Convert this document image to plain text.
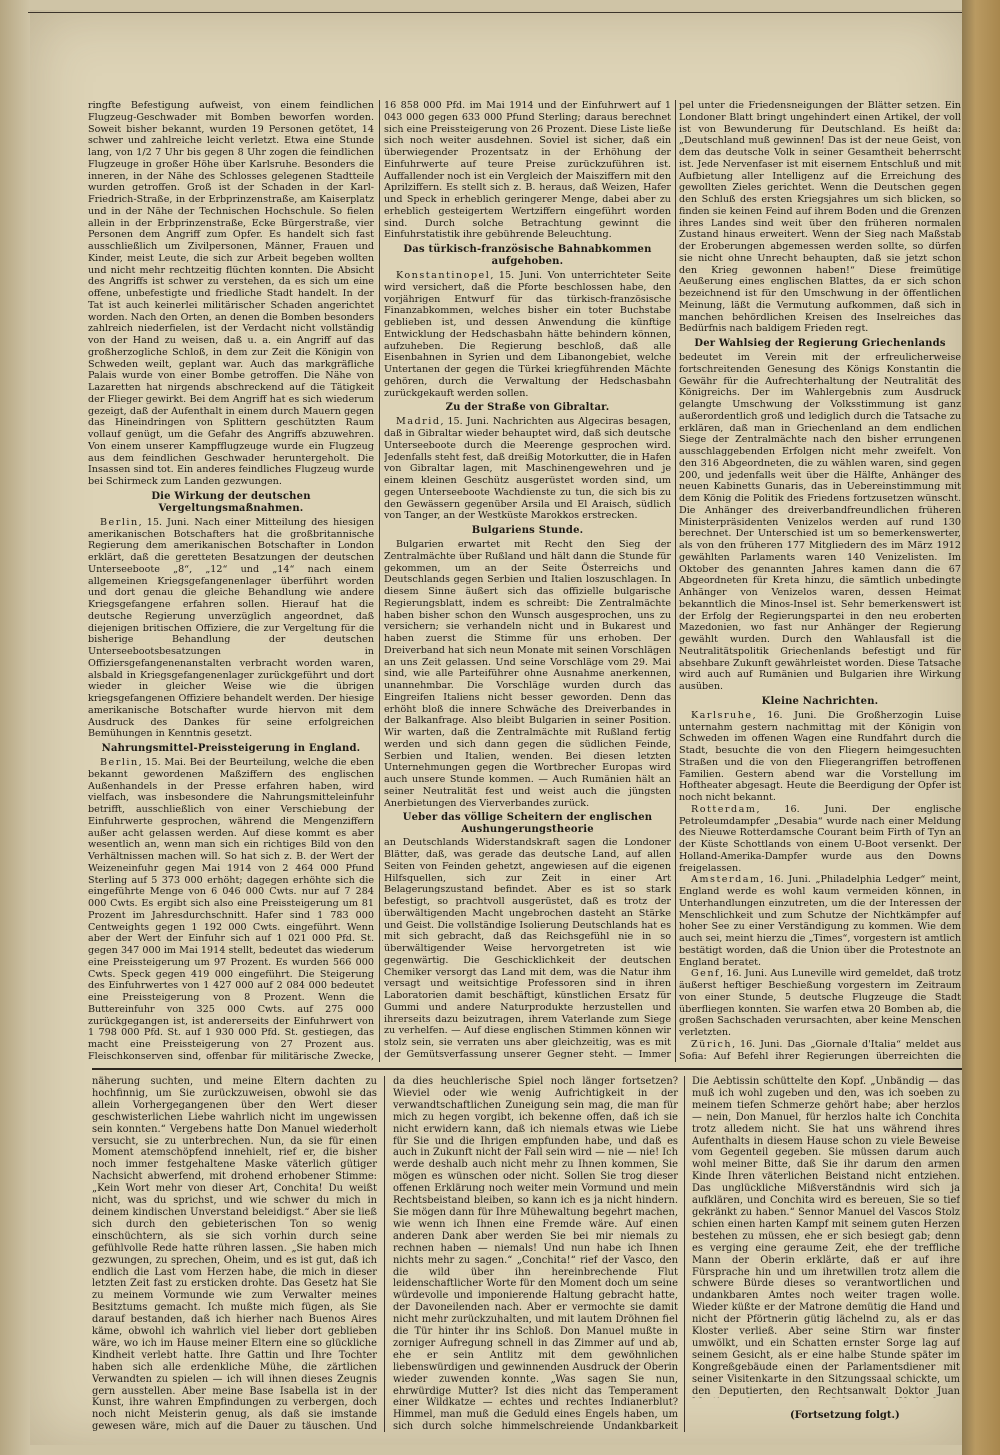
ringfte Befestigung aufweist, von einem feindlichen Flugzeug-Geschwader mit Bomben beworfen worden. Soweit bisher bekannt, wurden 19 Personen getötet, 14 schwer und zahlreiche leicht verletzt. Etwa eine Stunde lang, von 1/2 7 Uhr bis gegen 8 Uhr zogen die feindlichen Flugzeuge in großer Höhe über Karlsruhe. Besonders die inneren, in der Nähe des Schlosses gelegenen Stadtteile wurden getroffen. Groß ist der Schaden in der Karl-Friedrich-Straße, in der Erbprinzenstraße, am Kaiserplatz und in der Nähe der Technischen Hochschule. So fielen allein in der Erbprinzenstraße, Ecke Bürgerstraße, vier Personen dem Angriff zum Opfer. Es handelt sich fast ausschließlich um Zivilpersonen, Männer, Frauen und Kinder, meist Leute, die sich zur Arbeit begeben wollten und nicht mehr rechtzeitig flüchten konnten. Die Absicht des Angriffs ist schwer zu verstehen, da es sich um eine offene, unbefestigte und friedliche Stadt handelt. In der Tat ist auch keinerlei militärischer Schaden angerichtet worden. Nach den Orten, an denen die Bomben besonders zahlreich niederfielen, ist der Verdacht nicht vollständig von der Hand zu weisen, daß u. a. ein Angriff auf das großherzogliche Schloß, in dem zur Zeit die Königin von Schweden weilt, geplant war. Auch das markgräfliche Palais wurde von einer Bombe getroffen. Die Nähe von Lazaretten hat nirgends abschreckend auf die Tätigkeit der Flieger gewirkt. Bei dem Angriff hat es sich wiederum gezeigt, daß der Aufenthalt in einem durch Mauern gegen das Hineindringen von Splittern geschützten Raum vollauf genügt, um die Gefahr des Angriffs abzuwehren. Von einem unserer Kampfflugzeuge wurde ein Flugzeug aus dem feindlichen Geschwader heruntergeholt. Die Insassen sind tot. Ein anderes feindliches Flugzeug wurde bei Schirmeck zum Landen gezwungen.

Die Wirkung der deutschen Vergeltungsmaßnahmen.

Berlin, 15. Juni. Nach einer Mitteilung des hiesigen amerikanischen Botschafters hat die großbritannische Regierung dem amerikanischen Botschafter in London erklärt, daß die geretteten Besatzungen der deutschen Unterseeboote „8“, „12“ und „14“ nach einem allgemeinen Kriegsgefangenenlager überführt worden und dort genau die gleiche Behandlung wie andere Kriegsgefangene erfahren sollen. Hierauf hat die deutsche Regierung unverzüglich angeordnet, daß diejenigen britischen Offiziere, die zur Vergeltung für die bisherige Behandlung der deutschen Unterseebootsbesatzungen in Offiziersgefangenenanstalten verbracht worden waren, alsbald in Kriegsgefangenenlager zurückgeführt und dort wieder in gleicher Weise wie die übrigen kriegsgefangenen Offiziere behandelt werden. Der hiesige amerikanische Botschafter wurde hiervon mit dem Ausdruck des Dankes für seine erfolgreichen Bemühungen in Kenntnis gesetzt.

Nahrungsmittel-Preissteigerung in England.

Berlin, 15. Mai. Bei der Beurteilung, welche die eben bekannt gewordenen Maßziffern des englischen Außenhandels in der Presse erfahren haben, wird vielfach, was insbesondere die Nahrungsmitteleinfuhr betrifft, ausschließlich von einer Verschiebung der Einfuhrwerte gesprochen, während die Mengenziffern außer acht gelassen werden. Auf diese kommt es aber wesentlich an, wenn man sich ein richtiges Bild von den Verhältnissen machen will. So hat sich z. B. der Wert der Weizeneinfuhr gegen Mai 1914 von 2 464 000 Pfund Sterling auf 5 373 000 erhöht; dagegen erhöhte sich die eingeführte Menge von 6 046 000 Cwts. nur auf 7 284 000 Cwts. Es ergibt sich also eine Preissteigerung um 81 Prozent im Jahresdurchschnitt. Hafer sind 1 783 000 Centweights gegen 1 192 000 Cwts. eingeführt. Wenn aber der Wert der Einfuhr sich auf 1 021 000 Pfd. St. gegen 347 000 im Mai 1914 stellt, bedeutet das wiederum eine Preissteigerung um 97 Prozent. Es wurden 566 000 Cwts. Speck gegen 419 000 eingeführt. Die Steigerung des Einfuhrwertes von 1 427 000 auf 2 084 000 bedeutet eine Preissteigerung von 8 Prozent. Wenn die Buttereinfuhr von 325 000 Cwts. auf 275 000 zurückgegangen ist, ist andererseits der Einfuhrwert von 1 798 000 Pfd. St. auf 1 930 000 Pfd. St. gestiegen, das macht eine Preissteigerung von 27 Prozent aus. Fleischkonserven sind, offenbar für militärische Zwecke,

16 858 000 Pfd. im Mai 1914 und der Einfuhrwert auf 1 043 000 gegen 633 000 Pfund Sterling; daraus berechnet sich eine Preissteigerung von 26 Prozent. Diese Liste ließe sich noch weiter ausdehnen. Soviel ist sicher, daß ein überwiegender Prozentsatz in der Erhöhung der Einfuhrwerte auf teure Preise zurückzuführen ist. Auffallender noch ist ein Vergleich der Maisziffern mit den Aprilziffern. Es stellt sich z. B. heraus, daß Weizen, Hafer und Speck in erheblich geringerer Menge, dabei aber zu erheblich gesteigertem Wertziffern eingeführt worden sind. Durch solche Betrachtung gewinnt die Einfuhrstatistik ihre gebührende Beleuchtung.

Das türkisch-französische Bahnabkommen aufgehoben.

Konstantinopel, 15. Juni. Von unterrichteter Seite wird versichert, daß die Pforte beschlossen habe, den vorjährigen Entwurf für das türkisch-französische Finanzabkommen, welches bisher ein toter Buchstabe geblieben ist, und dessen Anwendung die künftige Entwicklung der Hedschasbahn hätte behindern können, aufzuheben. Die Regierung beschloß, daß alle Eisenbahnen in Syrien und dem Libanongebiet, welche Untertanen der gegen die Türkei kriegführenden Mächte gehören, durch die Verwaltung der Hedschasbahn zurückgekauft werden sollen.

Zu der Straße von Gibraltar.

Madrid, 15. Juni. Nachrichten aus Algeciras besagen, daß in Gibraltar wieder behauptet wird, daß sich deutsche Unterseeboote durch die Meerenge gesprochen wird. Jedenfalls steht fest, daß dreißig Motorkutter, die in Hafen von Gibraltar lagen, mit Maschinengewehren und je einem kleinen Geschütz ausgerüstet worden sind, um gegen Unterseeboote Wachdienste zu tun, die sich bis zu den Gewässern gegenüber Arsila und El Araisch, südlich von Tanger, an der Westküste Marokkos erstrecken.

Bulgariens Stunde.

Bulgarien erwartet mit Recht den Sieg der Zentralmächte über Rußland und hält dann die Stunde für gekommen, um an der Seite Österreichs und Deutschlands gegen Serbien und Italien loszuschlagen. In diesem Sinne äußert sich das offizielle bulgarische Regierungsblatt, indem es schreibt: Die Zentralmächte haben bisher schon den Wunsch ausgesprochen, uns zu versichern; sie verhandeln nicht und in Bukarest und haben zuerst die Stimme für uns erhoben. Der Dreiverband hat sich neun Monate mit seinen Vorschlägen an uns Zeit gelassen. Und seine Vorschläge vom 29. Mai sind, wie alle Parteiführer ohne Ausnahme anerkennen, unannehmbar. Die Vorschläge wurden durch das Eingreifen Italiens nicht besser geworden. Denn das erhöht bloß die innere Schwäche des Dreiverbandes in der Balkanfrage. Also bleibt Bulgarien in seiner Position. Wir warten, daß die Zentralmächte mit Rußland fertig werden und sich dann gegen die südlichen Feinde, Serbien und Italien, wenden. Bei diesen letzten Unternehmungen gegen die Wortbrecher Europas wird auch unsere Stunde kommen. — Auch Rumänien hält an seiner Neutralität fest und weist auch die jüngsten Anerbietungen des Vierverbandes zurück.

Ueber das völlige Scheitern der englischen Aushungerungstheorie

an Deutschlands Widerstandskraft sagen die Londoner Blätter, daß, was gerade das deutsche Land, auf allen Seiten von Feinden gehetzt, angewiesen auf die eigenen Hilfsquellen, sich zur Zeit in einer Art Belagerungszustand befindet. Aber es ist so stark befestigt, so prachtvoll ausgerüstet, daß es trotz der überwältigenden Macht ungebrochen dasteht an Stärke und Geist. Die vollständige Isolierung Deutschlands hat es mit sich gebracht, daß das Reichsgefühl nie in so überwältigender Weise hervorgetreten ist wie gegenwärtig. Die Geschicklichkeit der deutschen Chemiker versorgt das Land mit dem, was die Natur ihm versagt und weitsichtige Professoren sind in ihren Laboratorien damit beschäftigt, künstlichen Ersatz für Gummi und andere Naturprodukte herzustellen und ihrerseits dazu beizutragen, ihrem Vaterlande zum Siege zu verhelfen. — Auf diese englischen Stimmen können wir stolz sein, sie verraten uns aber gleichzeitig, was es mit der Gemütsverfassung unserer Gegner steht. — Immer

pel unter die Friedensneigungen der Blätter setzen. Ein Londoner Blatt bringt ungehindert einen Artikel, der voll ist von Bewunderung für Deutschland. Es heißt da: „Deutschland muß gewinnen! Das ist der neue Geist, von dem das deutsche Volk in seiner Gesamtheit beherrscht ist. Jede Nervenfaser ist mit eisernem Entschluß und mit Aufbietung aller Intelligenz auf die Erreichung des gewollten Zieles gerichtet. Wenn die Deutschen gegen den Schluß des ersten Kriegsjahres um sich blicken, so finden sie keinen Feind auf ihrem Boden und die Grenzen ihres Landes sind weit über den früheren normalen Zustand hinaus erweitert. Wenn der Sieg nach Maßstab der Eroberungen abgemessen werden sollte, so dürfen sie nicht ohne Unrecht behaupten, daß sie jetzt schon den Krieg gewonnen haben!“ Diese freimütige Aeußerung eines englischen Blattes, da er sich schon bezeichnend ist für den Umschwung in der öffentlichen Meinung, läßt die Vermutung aufkommen, daß sich in manchen behördlichen Kreisen des Inselreiches das Bedürfnis nach baldigem Frieden regt.

Der Wahlsieg der Regierung Griechenlands

bedeutet im Verein mit der erfreulicherweise fortschreitenden Genesung des Königs Konstantin die Gewähr für die Aufrechterhaltung der Neutralität des Königreichs. Der im Wahlergebnis zum Ausdruck gelangte Umschwung der Volksstimmung ist ganz außerordentlich groß und lediglich durch die Tatsache zu erklären, daß man in Griechenland an dem endlichen Siege der Zentralmächte nach den bisher errungenen ausschlaggebenden Erfolgen nicht mehr zweifelt. Von den 316 Abgeordneten, die zu wählen waren, sind gegen 200, und jedenfalls weit über die Hälfte, Anhänger des neuen Kabinetts Gunaris, das in Uebereinstimmung mit dem König die Politik des Friedens fortzusetzen wünscht. Die Anhänger des dreiverbandfreundlichen früheren Ministerpräsidenten Venizelos werden auf rund 130 berechnet. Der Unterschied ist um so bemerkenswerter, als von den früheren 177 Mitgliedern des im März 1912 gewählten Parlaments waren 140 Venizelisten. Im Oktober des genannten Jahres kamen dann die 67 Abgeordneten für Kreta hinzu, die sämtlich unbedingte Anhänger von Venizelos waren, dessen Heimat bekanntlich die Minos-Insel ist. Sehr bemerkenswert ist der Erfolg der Regierungspartei in den neu eroberten Mazedonien, wo fast nur Anhänger der Regierung gewählt wurden. Durch den Wahlausfall ist die Neutralitätspolitik Griechenlands befestigt und für absehbare Zukunft gewährleistet worden. Diese Tatsache wird auch auf Rumänien und Bulgarien ihre Wirkung ausüben.

Kleine Nachrichten.

Karlsruhe, 16. Juni. Die Großherzogin Luise unternahm gestern nachmittag mit der Königin von Schweden im offenen Wagen eine Rundfahrt durch die Stadt, besuchte die von den Fliegern heimgesuchten Straßen und die von den Fliegerangriffen betroffenen Familien. Gestern abend war die Vorstellung im Hoftheater abgesagt. Heute die Beerdigung der Opfer ist noch nicht bekannt.

Rotterdam, 16. Juni. Der englische Petroleumdampfer „Desabia“ wurde nach einer Meldung des Nieuwe Rotterdamsche Courant beim Firth of Tyn an der Küste Schottlands von einem U-Boot versenkt. Der Holland-Amerika-Dampfer wurde aus den Downs freigelassen.

Amsterdam, 16. Juni. „Philadelphia Ledger“ meint, England werde es wohl kaum vermeiden können, in Unterhandlungen einzutreten, um die der Interessen der Menschlichkeit und zum Schutze der Nichtkämpfer auf hoher See zu einer Verständigung zu kommen. Wie dem auch sei, meint hierzu die „Times“, vorgestern ist amtlich bestätigt worden, daß die Union über die Protestnote an England beratet.

Genf, 16. Juni. Aus Luneville wird gemeldet, daß trotz äußerst heftiger Beschießung vorgestern im Zeitraum von einer Stunde, 5 deutsche Flugzeuge die Stadt überfliegen konnten. Sie warfen etwa 20 Bomben ab, die großen Sachschaden verursachten, aber keine Menschen verletzten.

Zürich, 16. Juni. Das „Giornale d'Italia“ meldet aus Sofia: Auf Befehl ihrer Regierungen überreichten die

näherung suchten, und meine Eltern dachten zu hochfinnig, um Sie zurückzuweisen, obwohl sie das allein Vorhergegangenen über den Wert dieser geschwisterlichen Liebe wahrlich nicht im ungewissen sein konnten.“ Vergebens hatte Don Manuel wiederholt versucht, sie zu unterbrechen. Nun, da sie für einen Moment atemschöpfend innehielt, rief er, die bisher noch immer festgehaltene Maske väterlich gütiger Nachsicht abwerfend, mit drohend erhobener Stimme: „Kein Wort mehr von dieser Art, Conchita! Du weißt nicht, was du sprichst, und wie schwer du mich in deinem kindischen Unverstand beleidigst.“ Aber sie ließ sich durch den gebieterischen Ton so wenig einschüchtern, als sie sich vorhin durch seine gefühlvolle Rede hatte rühren lassen. „Sie haben mich gezwungen, zu sprechen, Oheim, und es ist gut, daß ich endlich die Last vom Herzen habe, die mich in dieser letzten Zeit fast zu ersticken drohte. Das Gesetz hat Sie zu meinem Vormunde wie zum Verwalter meines Besitztums gemacht. Ich mußte mich fügen, als Sie darauf bestanden, daß ich hierher nach Buenos Aires käme, obwohl ich wahrlich viel lieber dort geblieben wäre, wo ich im Hause meiner Eltern eine so glückliche Kindheit verlebt hatte. Ihre Gattin und Ihre Tochter haben sich alle erdenkliche Mühe, die zärtlichen Verwandten zu spielen — ich will ihnen dieses Zeugnis gern ausstellen. Aber meine Base Isabella ist in der Kunst, ihre wahren Empfindungen zu verbergen, doch noch nicht Meisterin genug, als daß sie imstande gewesen wäre, mich auf die Dauer zu täuschen. Und

da dies heuchlerische Spiel noch länger fortsetzen? Wieviel oder wie wenig Aufrichtigkeit in der verwandtschaftlichen Zuneigung sein mag, die man für mich zu hegen vorgibt, ich bekenne offen, daß ich sie nicht erwidern kann, daß ich niemals etwas wie Liebe für Sie und die Ihrigen empfunden habe, und daß es auch in Zukunft nicht der Fall sein wird — nie — nie! Ich werde deshalb auch nicht mehr zu Ihnen kommen, Sie mögen es wünschen oder nicht. Sollen Sie trog dieser offenen Erklärung noch weiter mein Vormund und mein Rechtsbeistand bleiben, so kann ich es ja nicht hindern. Sie mögen dann für Ihre Mühewaltung begehrt machen, wie wenn ich Ihnen eine Fremde wäre. Auf einen anderen Dank aber werden Sie bei mir niemals zu rechnen haben — niemals! Und nun habe ich Ihnen nichts mehr zu sagen.“ „Conchita!“ rief der Vasco, den die wild über ihn hereinbrechende Flut leidenschaftlicher Worte für den Moment doch um seine würdevolle und imponierende Haltung gebracht hatte, der Davoneilenden nach. Aber er vermochte sie damit nicht mehr zurückzuhalten, und mit lautem Dröhnen fiel die Tür hinter ihr ins Schloß. Don Manuel mußte in zorniger Aufregung schnell in das Zimmer auf und ab, ehe er sein Antlitz mit dem gewöhnlichen liebenswürdigen und gewinnenden Ausdruck der Oberin wieder zuwenden konnte. „Was sagen Sie nun, ehrwürdige Mutter? Ist dies nicht das Temperament einer Wildkatze — echtes und rechtes Indianerblut? Himmel, man muß die Geduld eines Engels haben, um sich durch solche himmelschreiende Undankbarkeit

Die Aebtissin schüttelte den Kopf. „Unbändig — das muß ich wohl zugeben und den, was ich soeben zu meinem tiefen Schmerze gehört habe; aber herzlos — nein, Don Manuel, für herzlos halte ich Conchita trotz alledem nicht. Sie hat uns während ihres Aufenthalts in diesem Hause schon zu viele Beweise vom Gegenteil gegeben. Sie müssen darum auch wohl meiner Bitte, daß Sie ihr darum den armen Kinde Ihren väterlichen Beistand nicht entziehen. Das unglückliche Mißverständnis wird sich ja aufklären, und Conchita wird es bereuen, Sie so tief gekränkt zu haben.“ Sennor Manuel del Vascos Stolz schien einen harten Kampf mit seinem guten Herzen bestehen zu müssen, ehe er sich besiegt gab; denn es verging eine geraume Zeit, ehe der treffliche Mann der Oberin erklärte, daß er auf ihre Fürsprache hin und um ihretwillen trotz allem die schwere Bürde dieses so verantwortlichen und undankbaren Amtes noch weiter tragen wolle. Wieder küßte er der Matrone demütig die Hand und nicht der Pförtnerin gütig lächelnd zu, als er das Kloster verließ. Aber seine Stirn war finster umwölkt, und ein Schatten ernster Sorge lag auf seinem Gesicht, als er eine halbe Stunde später im Kongreßgebäude einen der Parlamentsdiener mit seiner Visitenkarte in den Sitzungssaal schickte, um den Deputierten, den Rechtsanwalt Doktor Juan

(Fortsetzung folgt.)
